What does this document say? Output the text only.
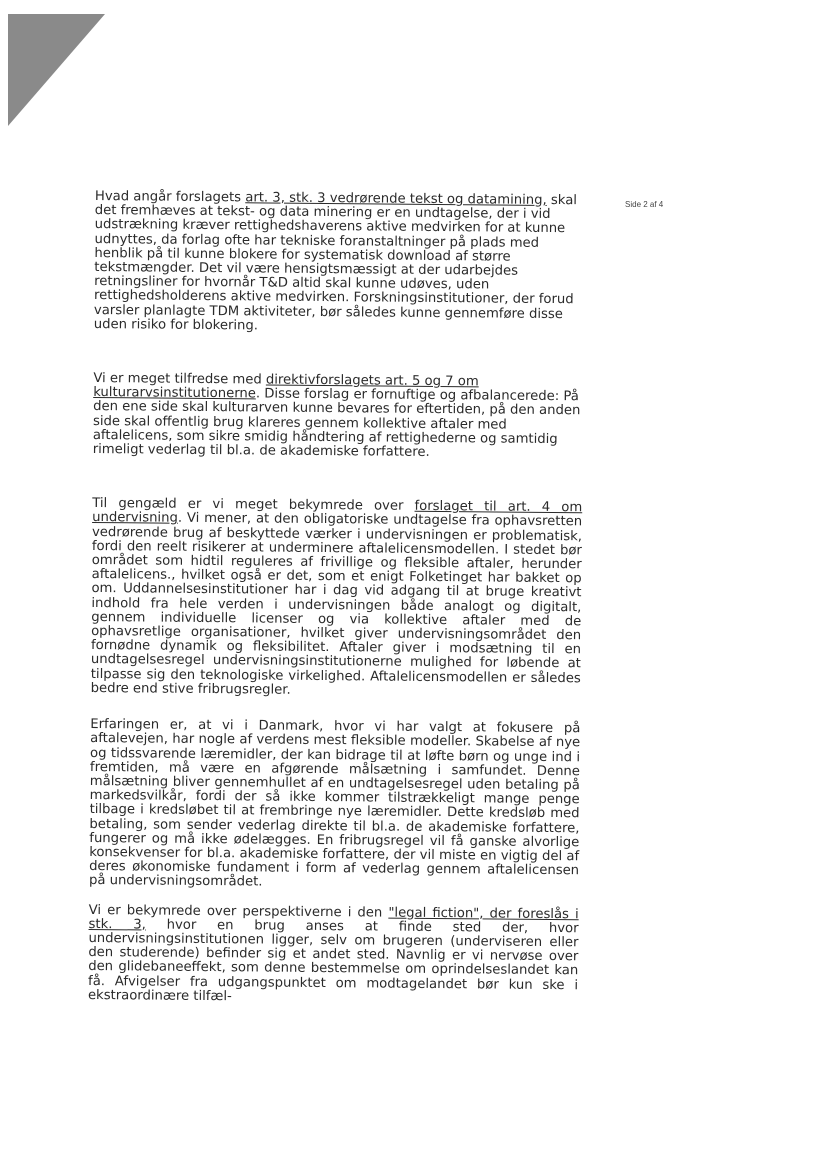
Side 2 af 4

Hvad angår forslagets art. 3, stk. 3 vedrørende tekst og datamining, skal det fremhæves at tekst- og data minering er en undtagelse, der i vid udstrækning kræver rettighedshaverens aktive medvirken for at kunne udnyttes, da forlag ofte har tekniske foranstaltninger på plads med henblik på til kunne blokere for systematisk download af større tekstmængder. Det vil være hensigtsmæssigt at der udarbejdes retningsliner for hvornår T&D altid skal kunne udøves, uden rettighedsholderens aktive medvirken. Forskningsinstitutioner, der forud varsler planlagte TDM aktiviteter, bør således kunne gennemføre disse uden risiko for blokering.

Vi er meget tilfredse med direktivforslagets art. 5 og 7 om kulturarvsinstitutionerne. Disse forslag er fornuftige og afbalancerede: På den ene side skal kulturarven kunne bevares for eftertiden, på den anden side skal offentlig brug klareres gennem kollektive aftaler med aftalelicens, som sikre smidig håndtering af rettighederne og samtidig rimeligt vederlag til bl.a. de akademiske forfattere.

Til gengæld er vi meget bekymrede over forslaget til art. 4 om undervisning. Vi mener, at den obligatoriske undtagelse fra ophavsretten vedrørende brug af beskyttede værker i undervisningen er problematisk, fordi den reelt risikerer at underminere aftalelicensmodellen. I stedet bør området som hidtil reguleres af frivillige og fleksible aftaler, herunder aftalelicens., hvilket også er det, som et enigt Folketinget har bakket op om. Uddannelsesinstitutioner har i dag vid adgang til at bruge kreativt indhold fra hele verden i undervisningen både analogt og digitalt, gennem individuelle licenser og via kollektive aftaler med de ophavsretlige organisationer, hvilket giver undervisningsområdet den fornødne dynamik og fleksibilitet. Aftaler giver i modsætning til en undtagelsesregel undervisningsinstitutionerne mulighed for løbende at tilpasse sig den teknologiske virkelighed. Aftalelicensmodellen er således bedre end stive fribrugsregler.

Erfaringen er, at vi i Danmark, hvor vi har valgt at fokusere på aftalevejen, har nogle af verdens mest fleksible modeller. Skabelse af nye og tidssvarende læremidler, der kan bidrage til at løfte børn og unge ind i fremtiden, må være en afgørende målsætning i samfundet. Denne målsætning bliver gennemhullet af en undtagelsesregel uden betaling på markedsvilkår, fordi der så ikke kommer tilstrækkeligt mange penge tilbage i kredsløbet til at frembringe nye læremidler. Dette kredsløb med betaling, som sender vederlag direkte til bl.a. de akademiske forfattere, fungerer og må ikke ødelægges. En fribrugsregel vil få ganske alvorlige konsekvenser for bl.a. akademiske forfattere, der vil miste en vigtig del af deres økonomiske fundament i form af vederlag gennem aftalelicensen på undervisningsområdet.

Vi er bekymrede over perspektiverne i den "legal fiction", der foreslås i stk. 3, hvor en brug anses at finde sted der, hvor undervisningsinstitutionen ligger, selv om brugeren (underviseren eller den studerende) befinder sig et andet sted. Navnlig er vi nervøse over den glidebaneeffekt, som denne bestemmelse om oprindelseslandet kan få. Afvigelser fra udgangspunktet om modtagelandet bør kun ske i ekstraordinære tilfæl-
